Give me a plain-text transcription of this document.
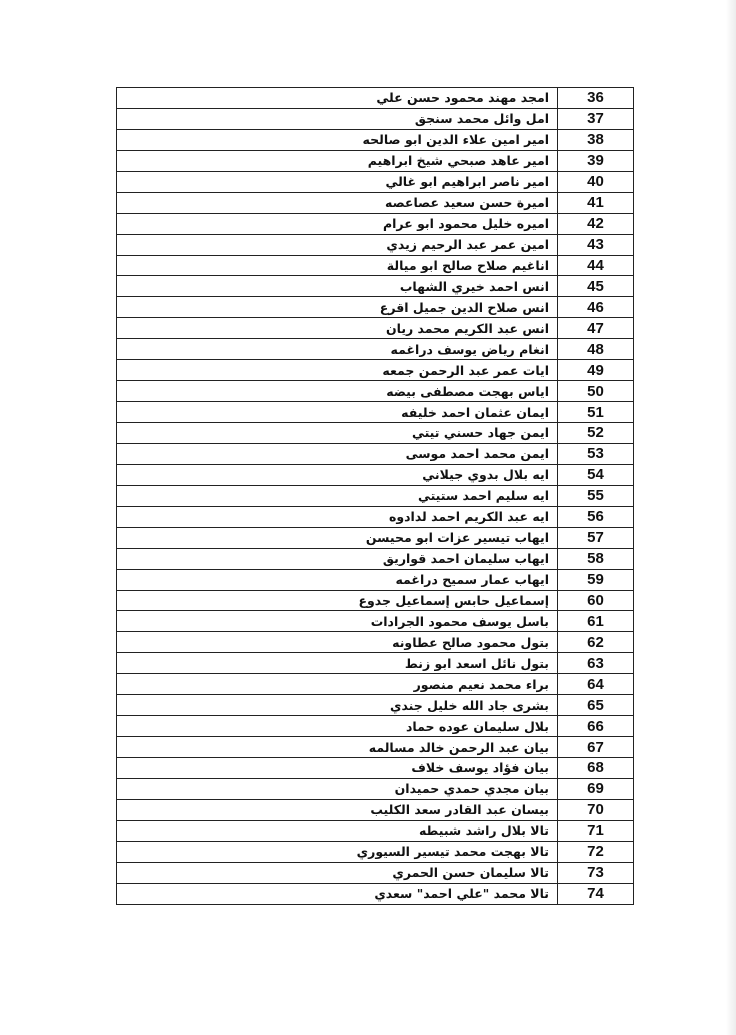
36	امجد مهند محمود حسن علي
37	امل وائل محمد سنجق
38	امير امين علاء الدين ابو صالحه
39	امير عاهد صبحي شيخ ابراهيم
40	امير ناصر ابراهيم ابو غالي
41	اميرة حسن سعيد عصاعصه
42	اميره خليل محمود ابو عرام
43	امين عمر عبد الرحيم زيدي
44	اناغيم صلاح صالح ابو ميالة
45	انس احمد خيري الشهاب
46	انس صلاح الدين جميل اقرع
47	انس عبد الكريم محمد ريان
48	انغام رياض يوسف دراغمه
49	ايات عمر عبد الرحمن جمعه
50	اياس بهجت مصطفى بيضه
51	ايمان عثمان احمد خليفه
52	ايمن جهاد حسني تيتي
53	ايمن محمد احمد موسى
54	ايه بلال بدوي جيلاني
55	ايه سليم احمد ستيتي
56	ايه عبد الكريم احمد لدادوه
57	ايهاب تيسير عزات ابو محيسن
58	ايهاب سليمان احمد قواريق
59	ايهاب عمار سميح دراغمه
60	إسماعيل حابس إسماعيل جدوع
61	باسل يوسف محمود الجرادات
62	بتول محمود صالح عطاونه
63	بتول نائل اسعد ابو زنط
64	براء محمد نعيم منصور
65	بشرى جاد الله خليل جندي
66	بلال سليمان عوده حماد
67	بيان عبد الرحمن خالد مسالمه
68	بيان فؤاد يوسف خلاف
69	بيان مجدي حمدي حميدان
70	بيسان عبد القادر سعد الكليب
71	تالا بلال راشد شبيطه
72	تالا بهجت محمد تيسير السيوري
73	تالا سليمان حسن الحمري
74	تالا محمد "علي احمد" سعدي
